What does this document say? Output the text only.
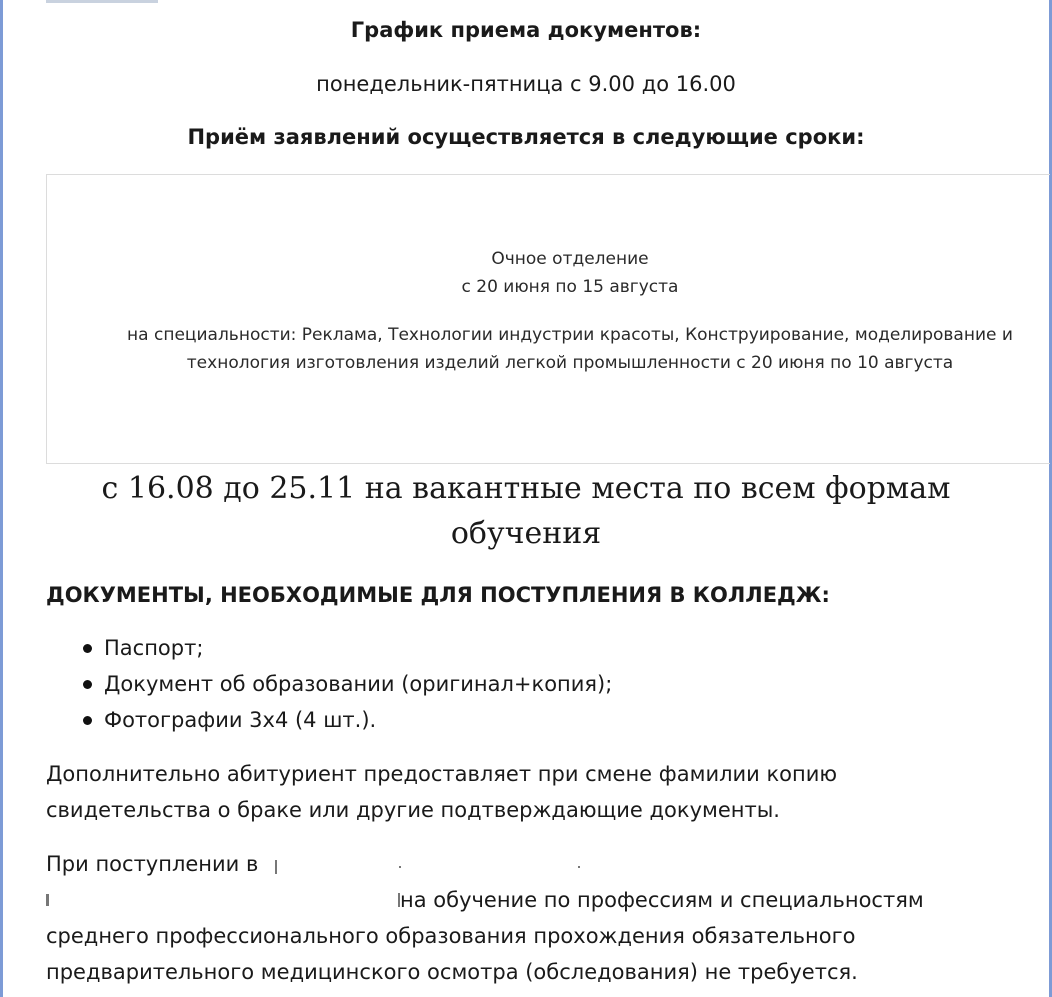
График приема документов:
понедельник-пятница с 9.00 до 16.00
Приём заявлений осуществляется в следующие сроки:
Очное отделение
с 20 июня по 15 августа
на специальности: Реклама, Технологии индустрии красоты, Конструирование, моделирование и
технология изготовления изделий легкой промышленности с 20 июня по 10 августа
с 16.08 до 25.11 на вакантные места по всем формам
обучения
ДОКУМЕНТЫ, НЕОБХОДИМЫЕ ДЛЯ ПОСТУПЛЕНИЯ В КОЛЛЕДЖ:
Паспорт;
Документ об образовании (оригинал+копия);
Фотографии 3х4 (4 шт.).
Дополнительно абитуриент предоставляет при смене фамилии копию
свидетельства о браке или другие подтверждающие документы.
При поступлении в
на обучение по профессиям и специальностям
среднего профессионального образования прохождения обязательного
предварительного медицинского осмотра (обследования) не требуется.
